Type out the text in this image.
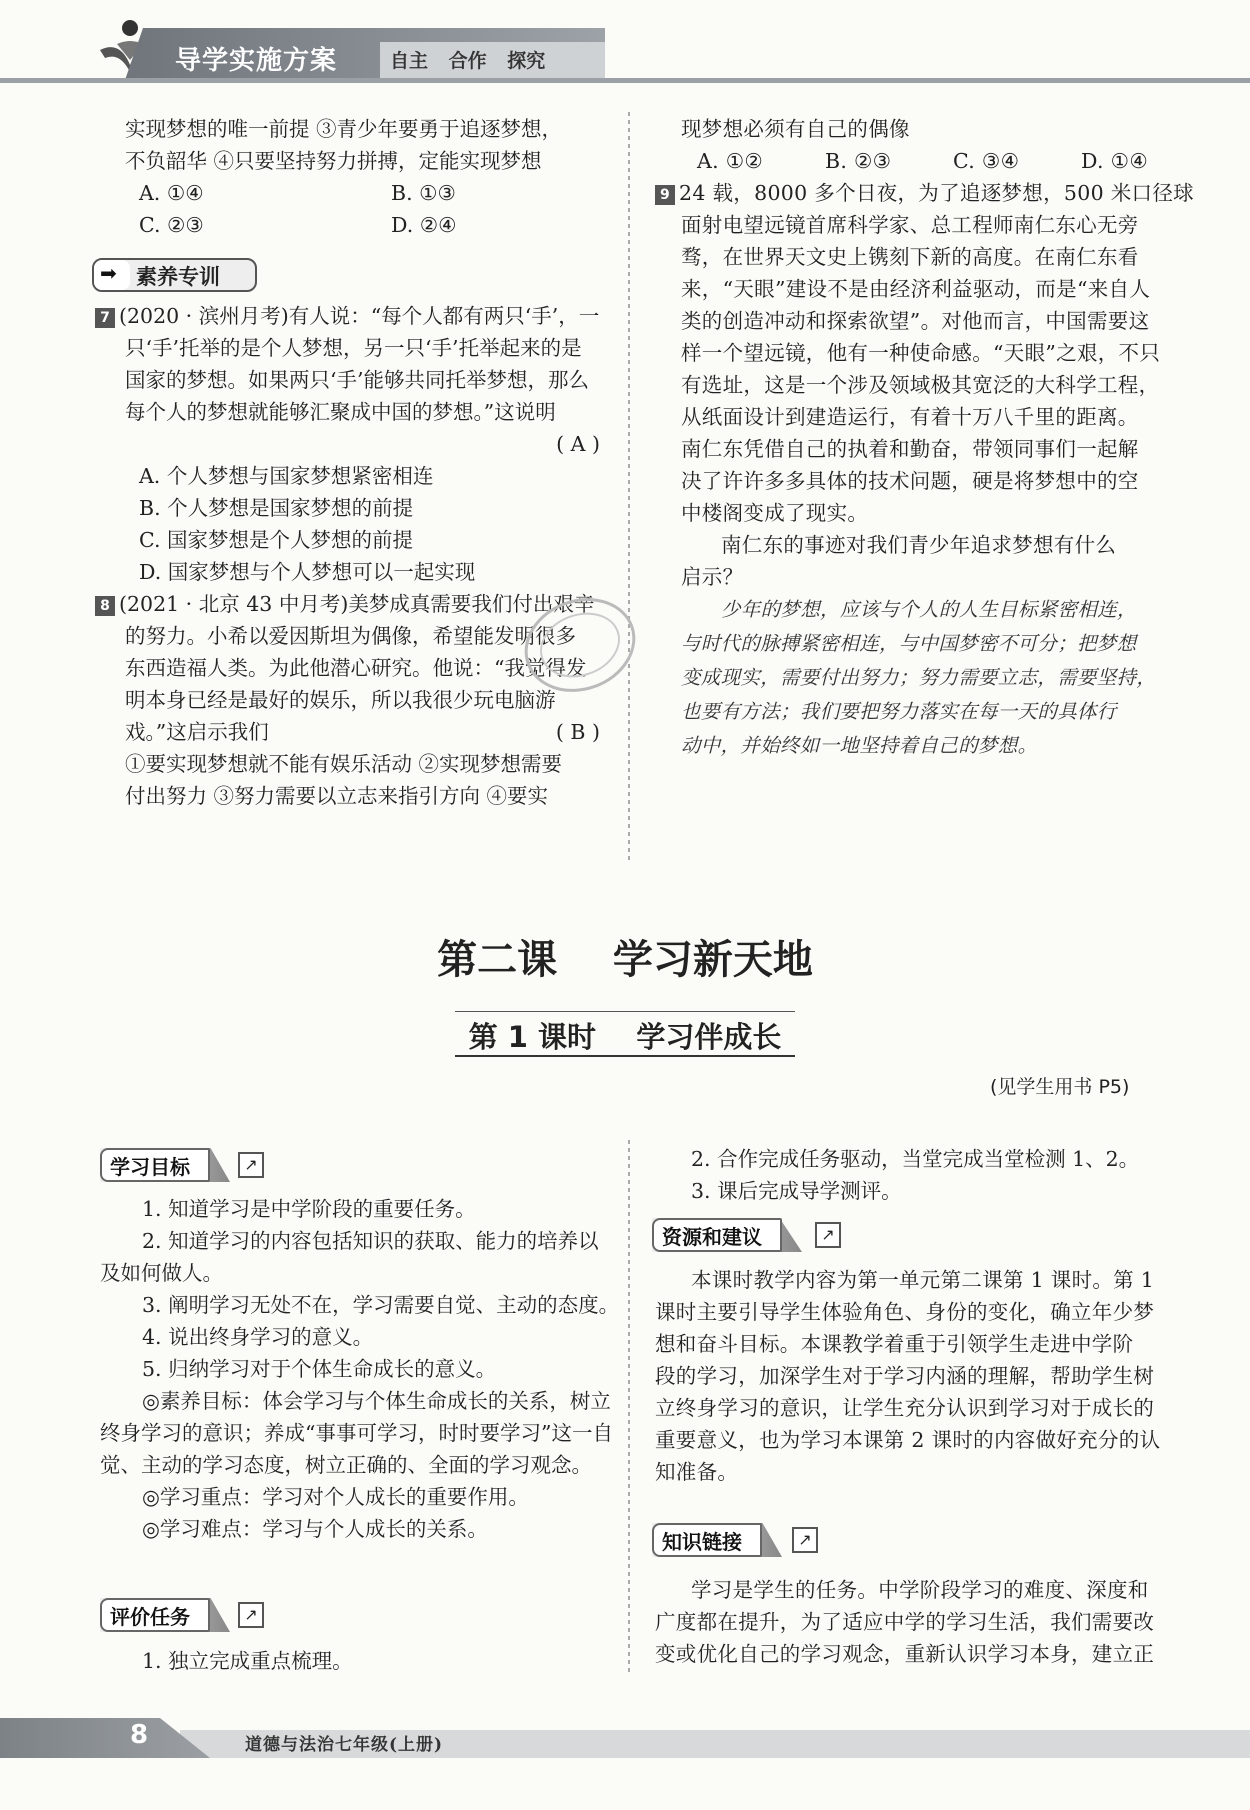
导学实施方案	自主 合作 探究

实现梦想的唯一前提 ③青少年要勇于追逐梦想，

不负韶华 ④只要坚持努力拼搏，定能实现梦想

A. ①④	B. ①③

C. ②③	D. ②④

➡ 素养专训

7 (2020 · 滨州月考)有人说：“每个人都有两只‘手’，一

只‘手’托举的是个人梦想，另一只‘手’托举起来的是

国家的梦想。如果两只‘手’能够共同托举梦想，那么

每个人的梦想就能够汇聚成中国的梦想。”这说明

( A )

A. 个人梦想与国家梦想紧密相连

B. 个人梦想是国家梦想的前提

C. 国家梦想是个人梦想的前提

D. 国家梦想与个人梦想可以一起实现

8 (2021 · 北京 43 中月考)美梦成真需要我们付出艰辛

的努力。小希以爱因斯坦为偶像，希望能发明很多

东西造福人类。为此他潜心研究。他说：“我觉得发

明本身已经是最好的娱乐，所以我很少玩电脑游

戏。”这启示我们	( B )

①要实现梦想就不能有娱乐活动 ②实现梦想需要

付出努力 ③努力需要以立志来指引方向 ④要实

现梦想必须有自己的偶像

A. ①②	B. ②③	C. ③④	D. ①④

9 24 载，8000 多个日夜，为了追逐梦想，500 米口径球

面射电望远镜首席科学家、总工程师南仁东心无旁

骛，在世界天文史上镌刻下新的高度。在南仁东看

来，“天眼”建设不是由经济利益驱动，而是“来自人

类的创造冲动和探索欲望”。对他而言，中国需要这

样一个望远镜，他有一种使命感。“天眼”之艰，不只

有选址，这是一个涉及领域极其宽泛的大科学工程，

从纸面设计到建造运行，有着十万八千里的距离。

南仁东凭借自己的执着和勤奋，带领同事们一起解

决了许许多多具体的技术问题，硬是将梦想中的空

中楼阁变成了现实。

南仁东的事迹对我们青少年追求梦想有什么

启示？

少年的梦想，应该与个人的人生目标紧密相连，

与时代的脉搏紧密相连，与中国梦密不可分；把梦想

变成现实，需要付出努力；努力需要立志，需要坚持，

也要有方法；我们要把努力落实在每一天的具体行

动中，并始终如一地坚持着自己的梦想。

第二课    学习新天地
第 1 课时    学习伴成长
(见学生用书 P5)

学习目标	↗

1. 知道学习是中学阶段的重要任务。

2. 知道学习的内容包括知识的获取、能力的培养以

及如何做人。

3. 阐明学习无处不在，学习需要自觉、主动的态度。

4. 说出终身学习的意义。

5. 归纳学习对于个体生命成长的意义。

◎素养目标：体会学习与个体生命成长的关系，树立

终身学习的意识；养成“事事可学习，时时要学习”这一自

觉、主动的学习态度，树立正确的、全面的学习观念。

◎学习重点：学习对个人成长的重要作用。

◎学习难点：学习与个人成长的关系。

评价任务	↗

1. 独立完成重点梳理。

2. 合作完成任务驱动，当堂完成当堂检测 1、2。

3. 课后完成导学测评。

资源和建议	↗

本课时教学内容为第一单元第二课第 1 课时。第 1

课时主要引导学生体验角色、身份的变化，确立年少梦

想和奋斗目标。本课教学着重于引领学生走进中学阶

段的学习，加深学生对于学习内涵的理解，帮助学生树

立终身学习的意识，让学生充分认识到学习对于成长的

重要意义，也为学习本课第 2 课时的内容做好充分的认

知准备。

知识链接	↗

学习是学生的任务。中学阶段学习的难度、深度和

广度都在提升，为了适应中学的学习生活，我们需要改

变或优化自己的学习观念，重新认识学习本身，建立正

8	道德与法治七年级(上册)
